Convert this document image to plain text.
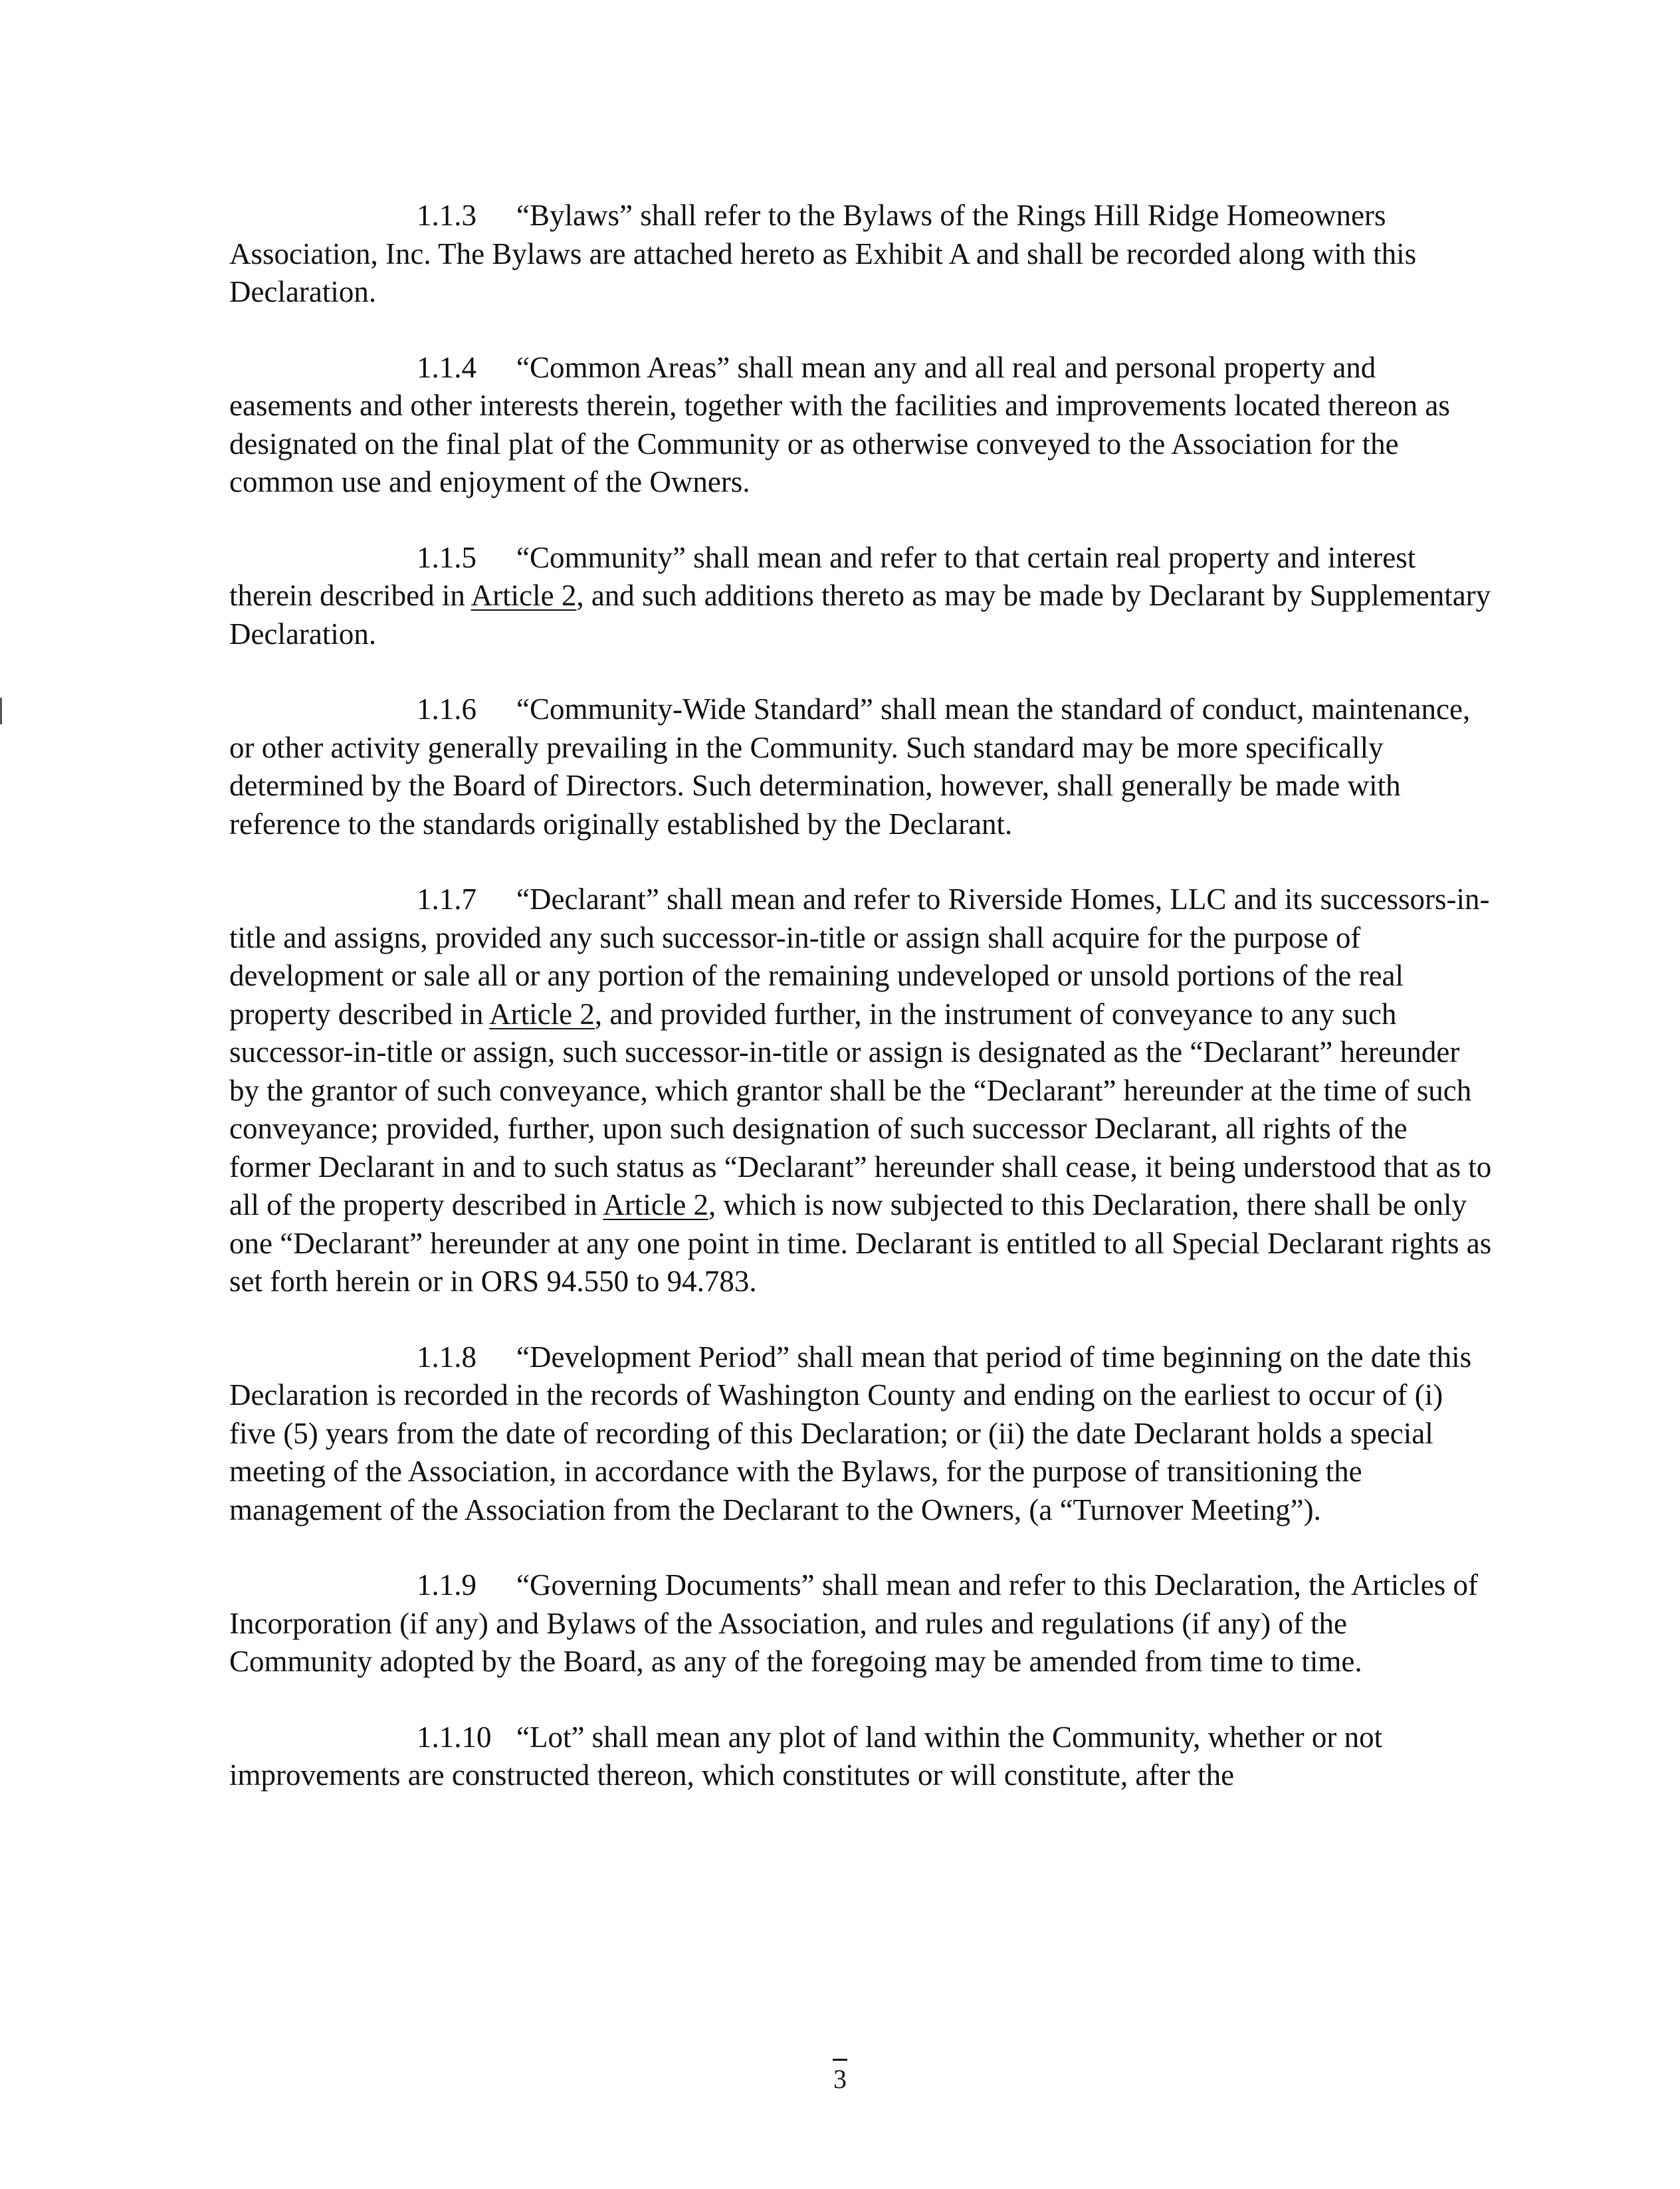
1.1.3 “Bylaws” shall refer to the Bylaws of the Rings Hill Ridge Homeowners Association, Inc. The Bylaws are attached hereto as Exhibit A and shall be recorded along with this Declaration.

1.1.4 “Common Areas” shall mean any and all real and personal property and easements and other interests therein, together with the facilities and improvements located thereon as designated on the final plat of the Community or as otherwise conveyed to the Association for the common use and enjoyment of the Owners.

1.1.5 “Community” shall mean and refer to that certain real property and interest therein described in Article 2, and such additions thereto as may be made by Declarant by Supplementary Declaration.

1.1.6 “Community-Wide Standard” shall mean the standard of conduct, maintenance, or other activity generally prevailing in the Community. Such standard may be more specifically determined by the Board of Directors. Such determination, however, shall generally be made with reference to the standards originally established by the Declarant.

1.1.7 “Declarant” shall mean and refer to Riverside Homes, LLC and its successors-in-title and assigns, provided any such successor-in-title or assign shall acquire for the purpose of development or sale all or any portion of the remaining undeveloped or unsold portions of the real property described in Article 2, and provided further, in the instrument of conveyance to any such successor-in-title or assign, such successor-in-title or assign is designated as the “Declarant” hereunder by the grantor of such conveyance, which grantor shall be the “Declarant” hereunder at the time of such conveyance; provided, further, upon such designation of such successor Declarant, all rights of the former Declarant in and to such status as “Declarant” hereunder shall cease, it being understood that as to all of the property described in Article 2, which is now subjected to this Declaration, there shall be only one “Declarant” hereunder at any one point in time. Declarant is entitled to all Special Declarant rights as set forth herein or in ORS 94.550 to 94.783.

1.1.8 “Development Period” shall mean that period of time beginning on the date this Declaration is recorded in the records of Washington County and ending on the earliest to occur of (i) five (5) years from the date of recording of this Declaration; or (ii) the date Declarant holds a special meeting of the Association, in accordance with the Bylaws, for the purpose of transitioning the management of the Association from the Declarant to the Owners, (a “Turnover Meeting”).

1.1.9 “Governing Documents” shall mean and refer to this Declaration, the Articles of Incorporation (if any) and Bylaws of the Association, and rules and regulations (if any) of the Community adopted by the Board, as any of the foregoing may be amended from time to time.

1.1.10 “Lot” shall mean any plot of land within the Community, whether or not improvements are constructed thereon, which constitutes or will constitute, after the

3
